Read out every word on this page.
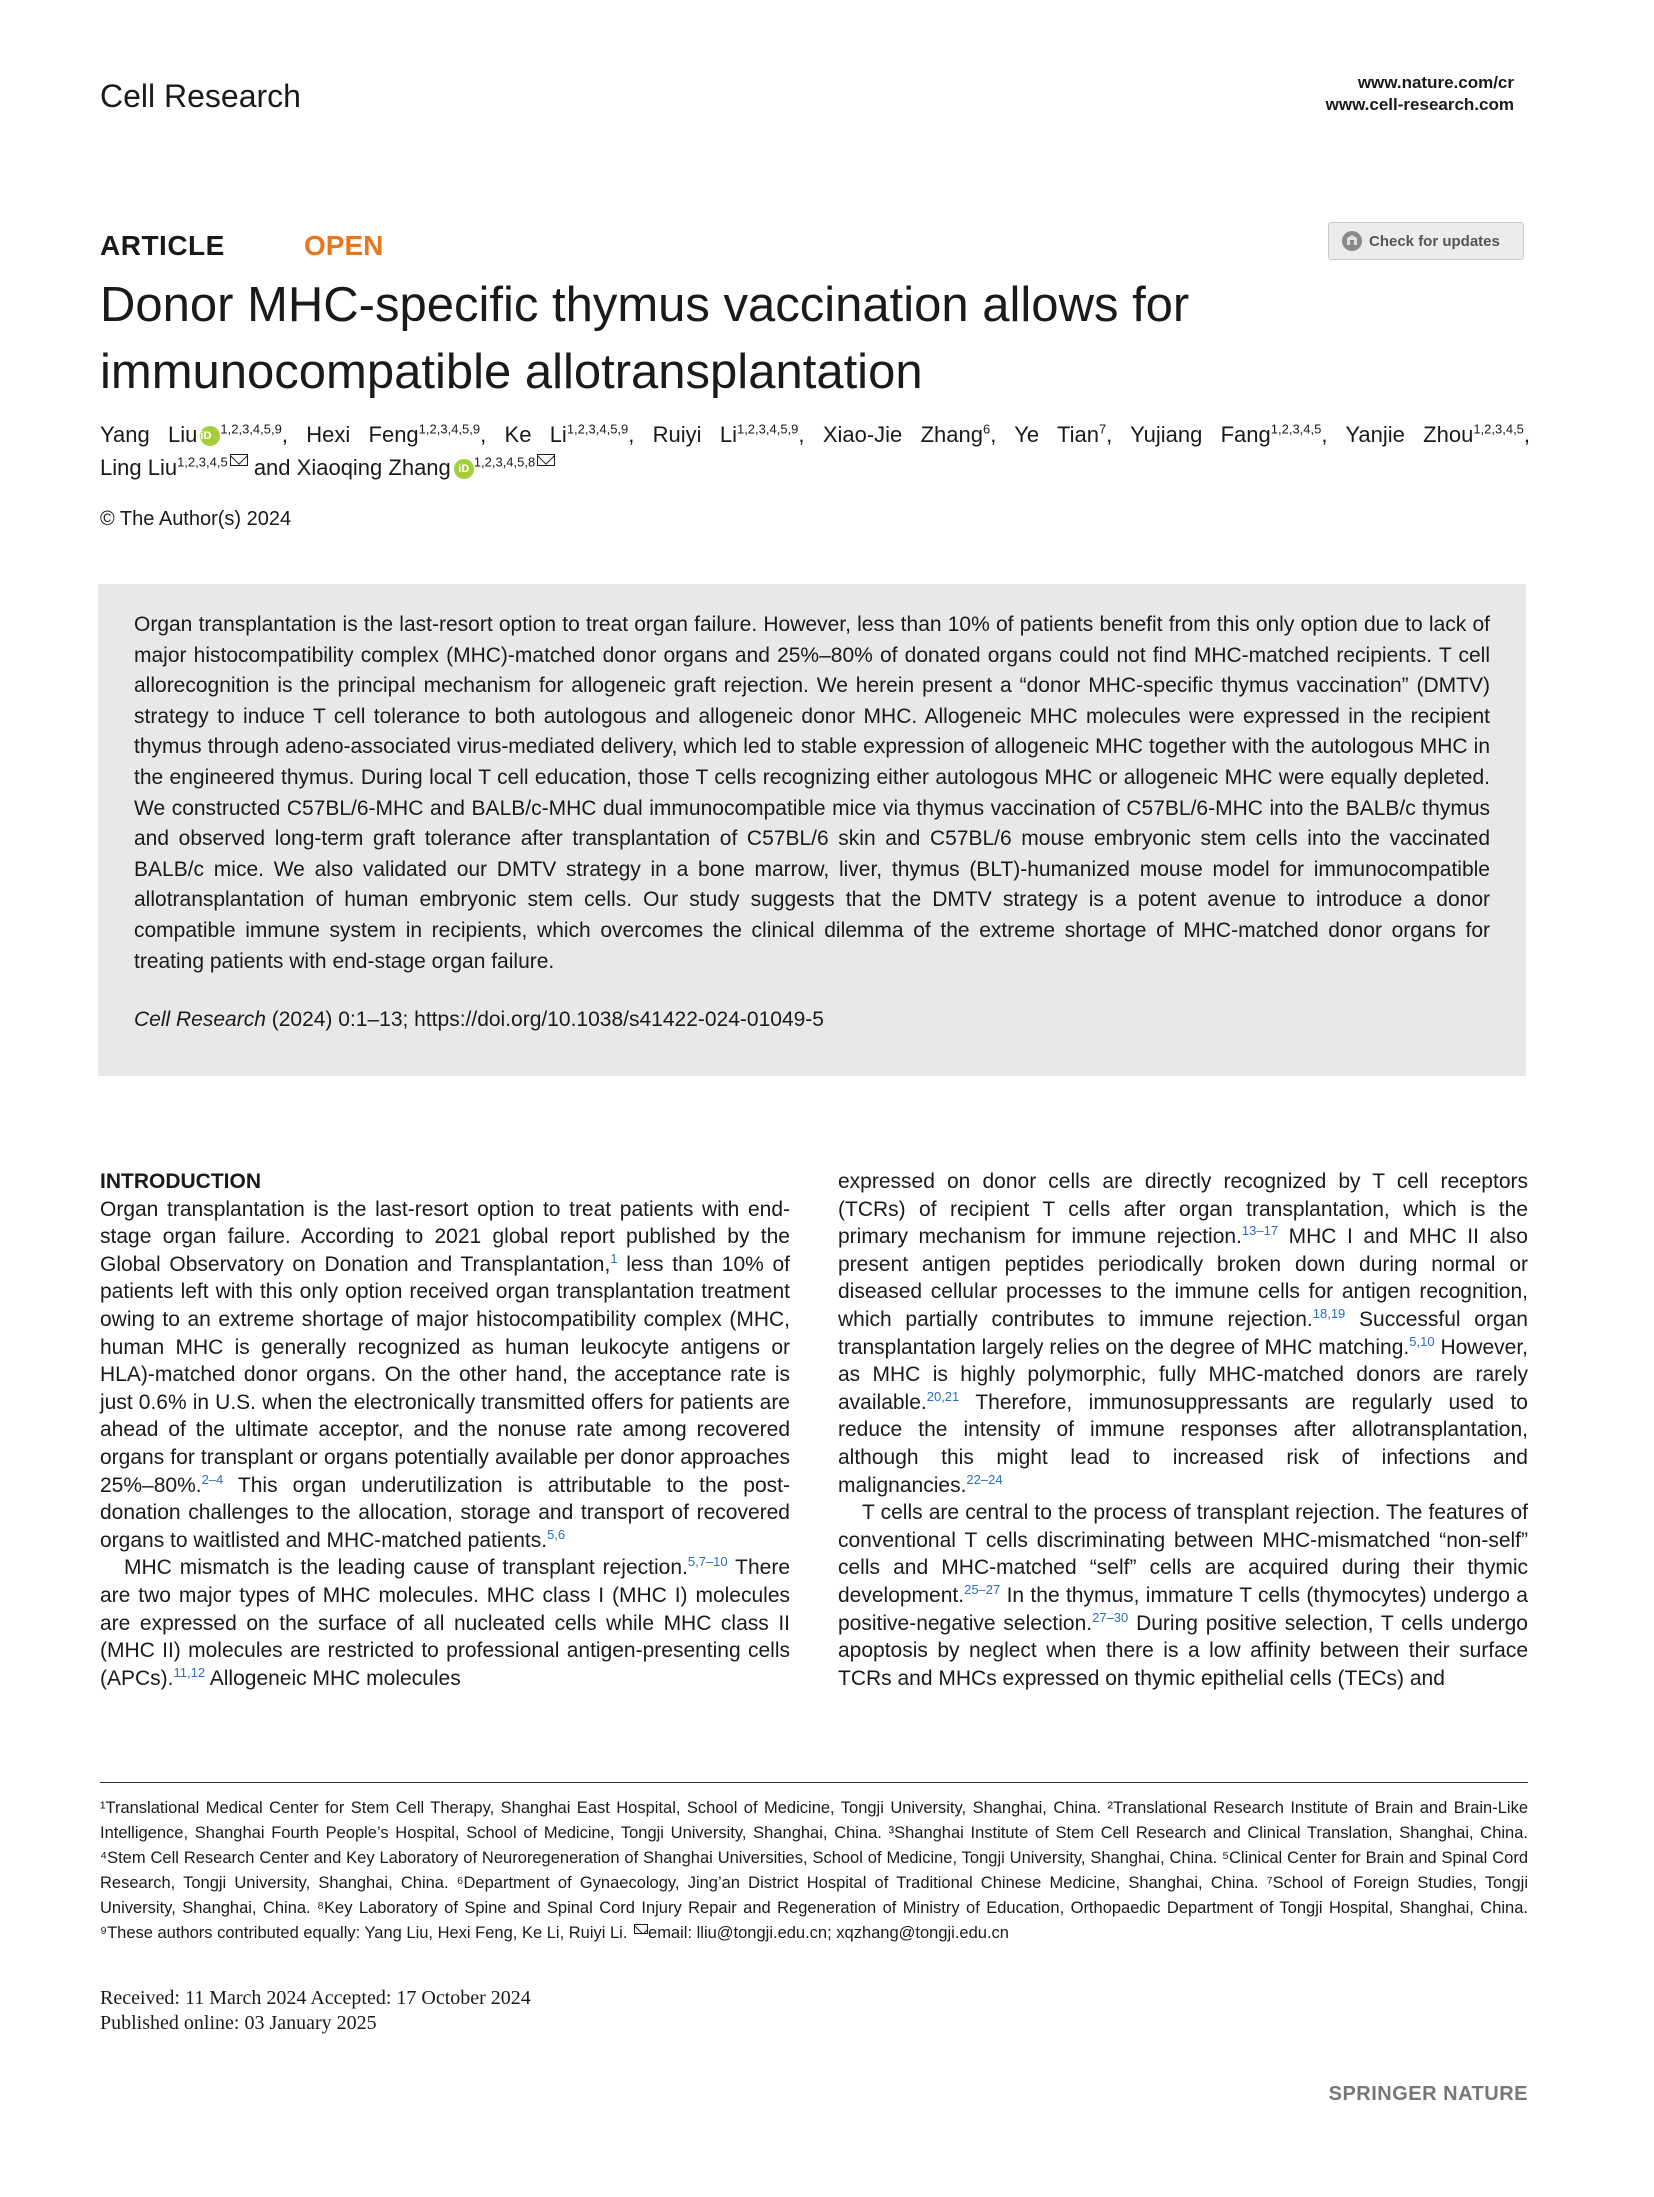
Cell Research	www.nature.com/cr
www.cell-research.com
ARTICLE	OPEN	Check for updates
Donor MHC-specific thymus vaccination allows for
immunocompatible allotransplantation
Yang Liu iD $^{1,2,3,4,5,9}$, Hexi Feng$^{1,2,3,4,5,9}$, Ke Li$^{1,2,3,4,5,9}$, Ruiyi Li$^{1,2,3,4,5,9}$, Xiao-Jie Zhang$^6$, Ye Tian$^7$, Yujiang Fang$^{1,2,3,4,5}$, Yanjie Zhou$^{1,2,3,4,5}$,
Ling Liu$^{1,2,3,4,5}$ and Xiaoqing Zhang iD $^{1,2,3,4,5,8}$
© The Author(s) 2024
Organ transplantation is the last-resort option to treat organ failure. However, less than 10% of patients benefit from this only option due to lack of major histocompatibility complex (MHC)-matched donor organs and 25%–80% of donated organs could not find MHC-matched recipients. T cell allorecognition is the principal mechanism for allogeneic graft rejection. We herein present a “donor MHC-specific thymus vaccination” (DMTV) strategy to induce T cell tolerance to both autologous and allogeneic donor MHC. Allogeneic MHC molecules were expressed in the recipient thymus through adeno-associated virus-mediated delivery, which led to stable expression of allogeneic MHC together with the autologous MHC in the engineered thymus. During local T cell education, those T cells recognizing either autologous MHC or allogeneic MHC were equally depleted. We constructed C57BL/6-MHC and BALB/c-MHC dual immunocompatible mice via thymus vaccination of C57BL/6-MHC into the BALB/c thymus and observed long-term graft tolerance after transplantation of C57BL/6 skin and C57BL/6 mouse embryonic stem cells into the vaccinated BALB/c mice. We also validated our DMTV strategy in a bone marrow, liver, thymus (BLT)-humanized mouse model for immunocompatible allotransplantation of human embryonic stem cells. Our study suggests that the DMTV strategy is a potent avenue to introduce a donor compatible immune system in recipients, which overcomes the clinical dilemma of the extreme shortage of MHC-matched donor organs for treating patients with end-stage organ failure.
Cell Research (2024) 0:1–13; https://doi.org/10.1038/s41422-024-01049-5
INTRODUCTION

Organ transplantation is the last-resort option to treat patients with end-stage organ failure. According to 2021 global report published by the Global Observatory on Donation and Transplantation,$^1$ less than 10% of patients left with this only option received organ transplantation treatment owing to an extreme shortage of major histocompatibility complex (MHC, human MHC is generally recognized as human leukocyte antigens or HLA)-matched donor organs. On the other hand, the acceptance rate is just 0.6% in U.S. when the electronically transmitted offers for patients are ahead of the ultimate acceptor, and the nonuse rate among recovered organs for transplant or organs potentially available per donor approaches 25%–80%.$^{2-4}$ This organ underutilization is attributable to the post-donation challenges to the allocation, storage and transport of recovered organs to waitlisted and MHC-matched patients.$^{5,6}$

MHC mismatch is the leading cause of transplant rejection.$^{5,7-10}$ There are two major types of MHC molecules. MHC class I (MHC I) molecules are expressed on the surface of all nucleated cells while MHC class II (MHC II) molecules are restricted to professional antigen-presenting cells (APCs).$^{11,12}$ Allogeneic MHC molecules

expressed on donor cells are directly recognized by T cell receptors (TCRs) of recipient T cells after organ transplantation, which is the primary mechanism for immune rejection.$^{13-17}$ MHC I and MHC II also present antigen peptides periodically broken down during normal or diseased cellular processes to the immune cells for antigen recognition, which partially contributes to immune rejection.$^{18,19}$ Successful organ transplantation largely relies on the degree of MHC matching.$^{5,10}$ However, as MHC is highly polymorphic, fully MHC-matched donors are rarely available.$^{20,21}$ Therefore, immunosuppressants are regularly used to reduce the intensity of immune responses after allotransplantation, although this might lead to increased risk of infections and malignancies.$^{22-24}$

T cells are central to the process of transplant rejection. The features of conventional T cells discriminating between MHC-mismatched “non-self” cells and MHC-matched “self” cells are acquired during their thymic development.$^{25-27}$ In the thymus, immature T cells (thymocytes) undergo a positive-negative selection.$^{27-30}$ During positive selection, T cells undergo apoptosis by neglect when there is a low affinity between their surface TCRs and MHCs expressed on thymic epithelial cells (TECs) and

¹Translational Medical Center for Stem Cell Therapy, Shanghai East Hospital, School of Medicine, Tongji University, Shanghai, China. ²Translational Research Institute of Brain and Brain-Like Intelligence, Shanghai Fourth People’s Hospital, School of Medicine, Tongji University, Shanghai, China. ³Shanghai Institute of Stem Cell Research and Clinical Translation, Shanghai, China. ⁴Stem Cell Research Center and Key Laboratory of Neuroregeneration of Shanghai Universities, School of Medicine, Tongji University, Shanghai, China. ⁵Clinical Center for Brain and Spinal Cord Research, Tongji University, Shanghai, China. ⁶Department of Gynaecology, Jing’an District Hospital of Traditional Chinese Medicine, Shanghai, China. ⁷School of Foreign Studies, Tongji University, Shanghai, China. ⁸Key Laboratory of Spine and Spinal Cord Injury Repair and Regeneration of Ministry of Education, Orthopaedic Department of Tongji Hospital, Shanghai, China. ⁹These authors contributed equally: Yang Liu, Hexi Feng, Ke Li, Ruiyi Li. email: lliu@tongji.edu.cn; xqzhang@tongji.edu.cn
Received: 11 March 2024 Accepted: 17 October 2024
Published online: 03 January 2025
SPRINGER NATURE
